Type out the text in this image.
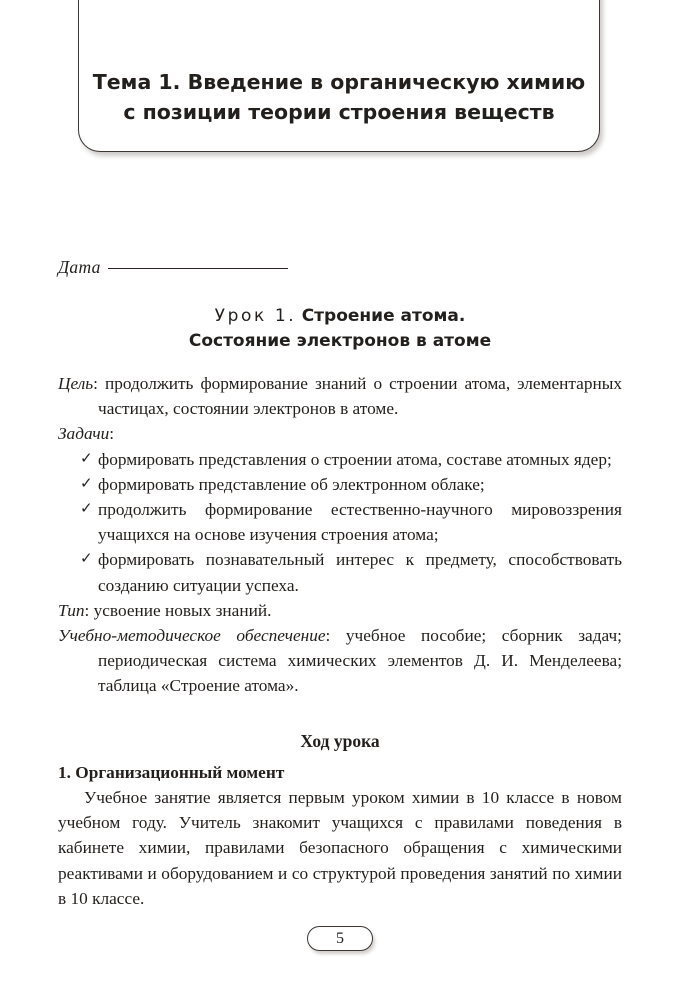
Тема 1. Введение в органическую химию
с позиции теории строения веществ
Дата
Урок 1. Строение атома.
Состояние электронов в атоме

Цель: продолжить формирование знаний о строении атома, элементарных частицах, состоянии электронов в атоме.

Задачи:

✓ формировать представления о строении атома, составе атомных ядер;
✓ формировать представление об электронном облаке;
✓ продолжить формирование естественно-научного мировоззрения учащихся на основе изучения строения атома;
✓ формировать познавательный интерес к предмету, способствовать созданию ситуации успеха.

Тип: усвоение новых знаний.

Учебно-методическое обеспечение: учебное пособие; сборник задач; периодическая система химических элементов Д. И. Менделеева; таблица «Строение атома».

Ход урока
1. Организационный момент

Учебное занятие является первым уроком химии в 10 классе в новом учебном году. Учитель знакомит учащихся с правилами поведения в кабинете химии, правилами безопасного обращения с химическими реактивами и оборудованием и со структурой проведения занятий по химии в 10 классе.

5
